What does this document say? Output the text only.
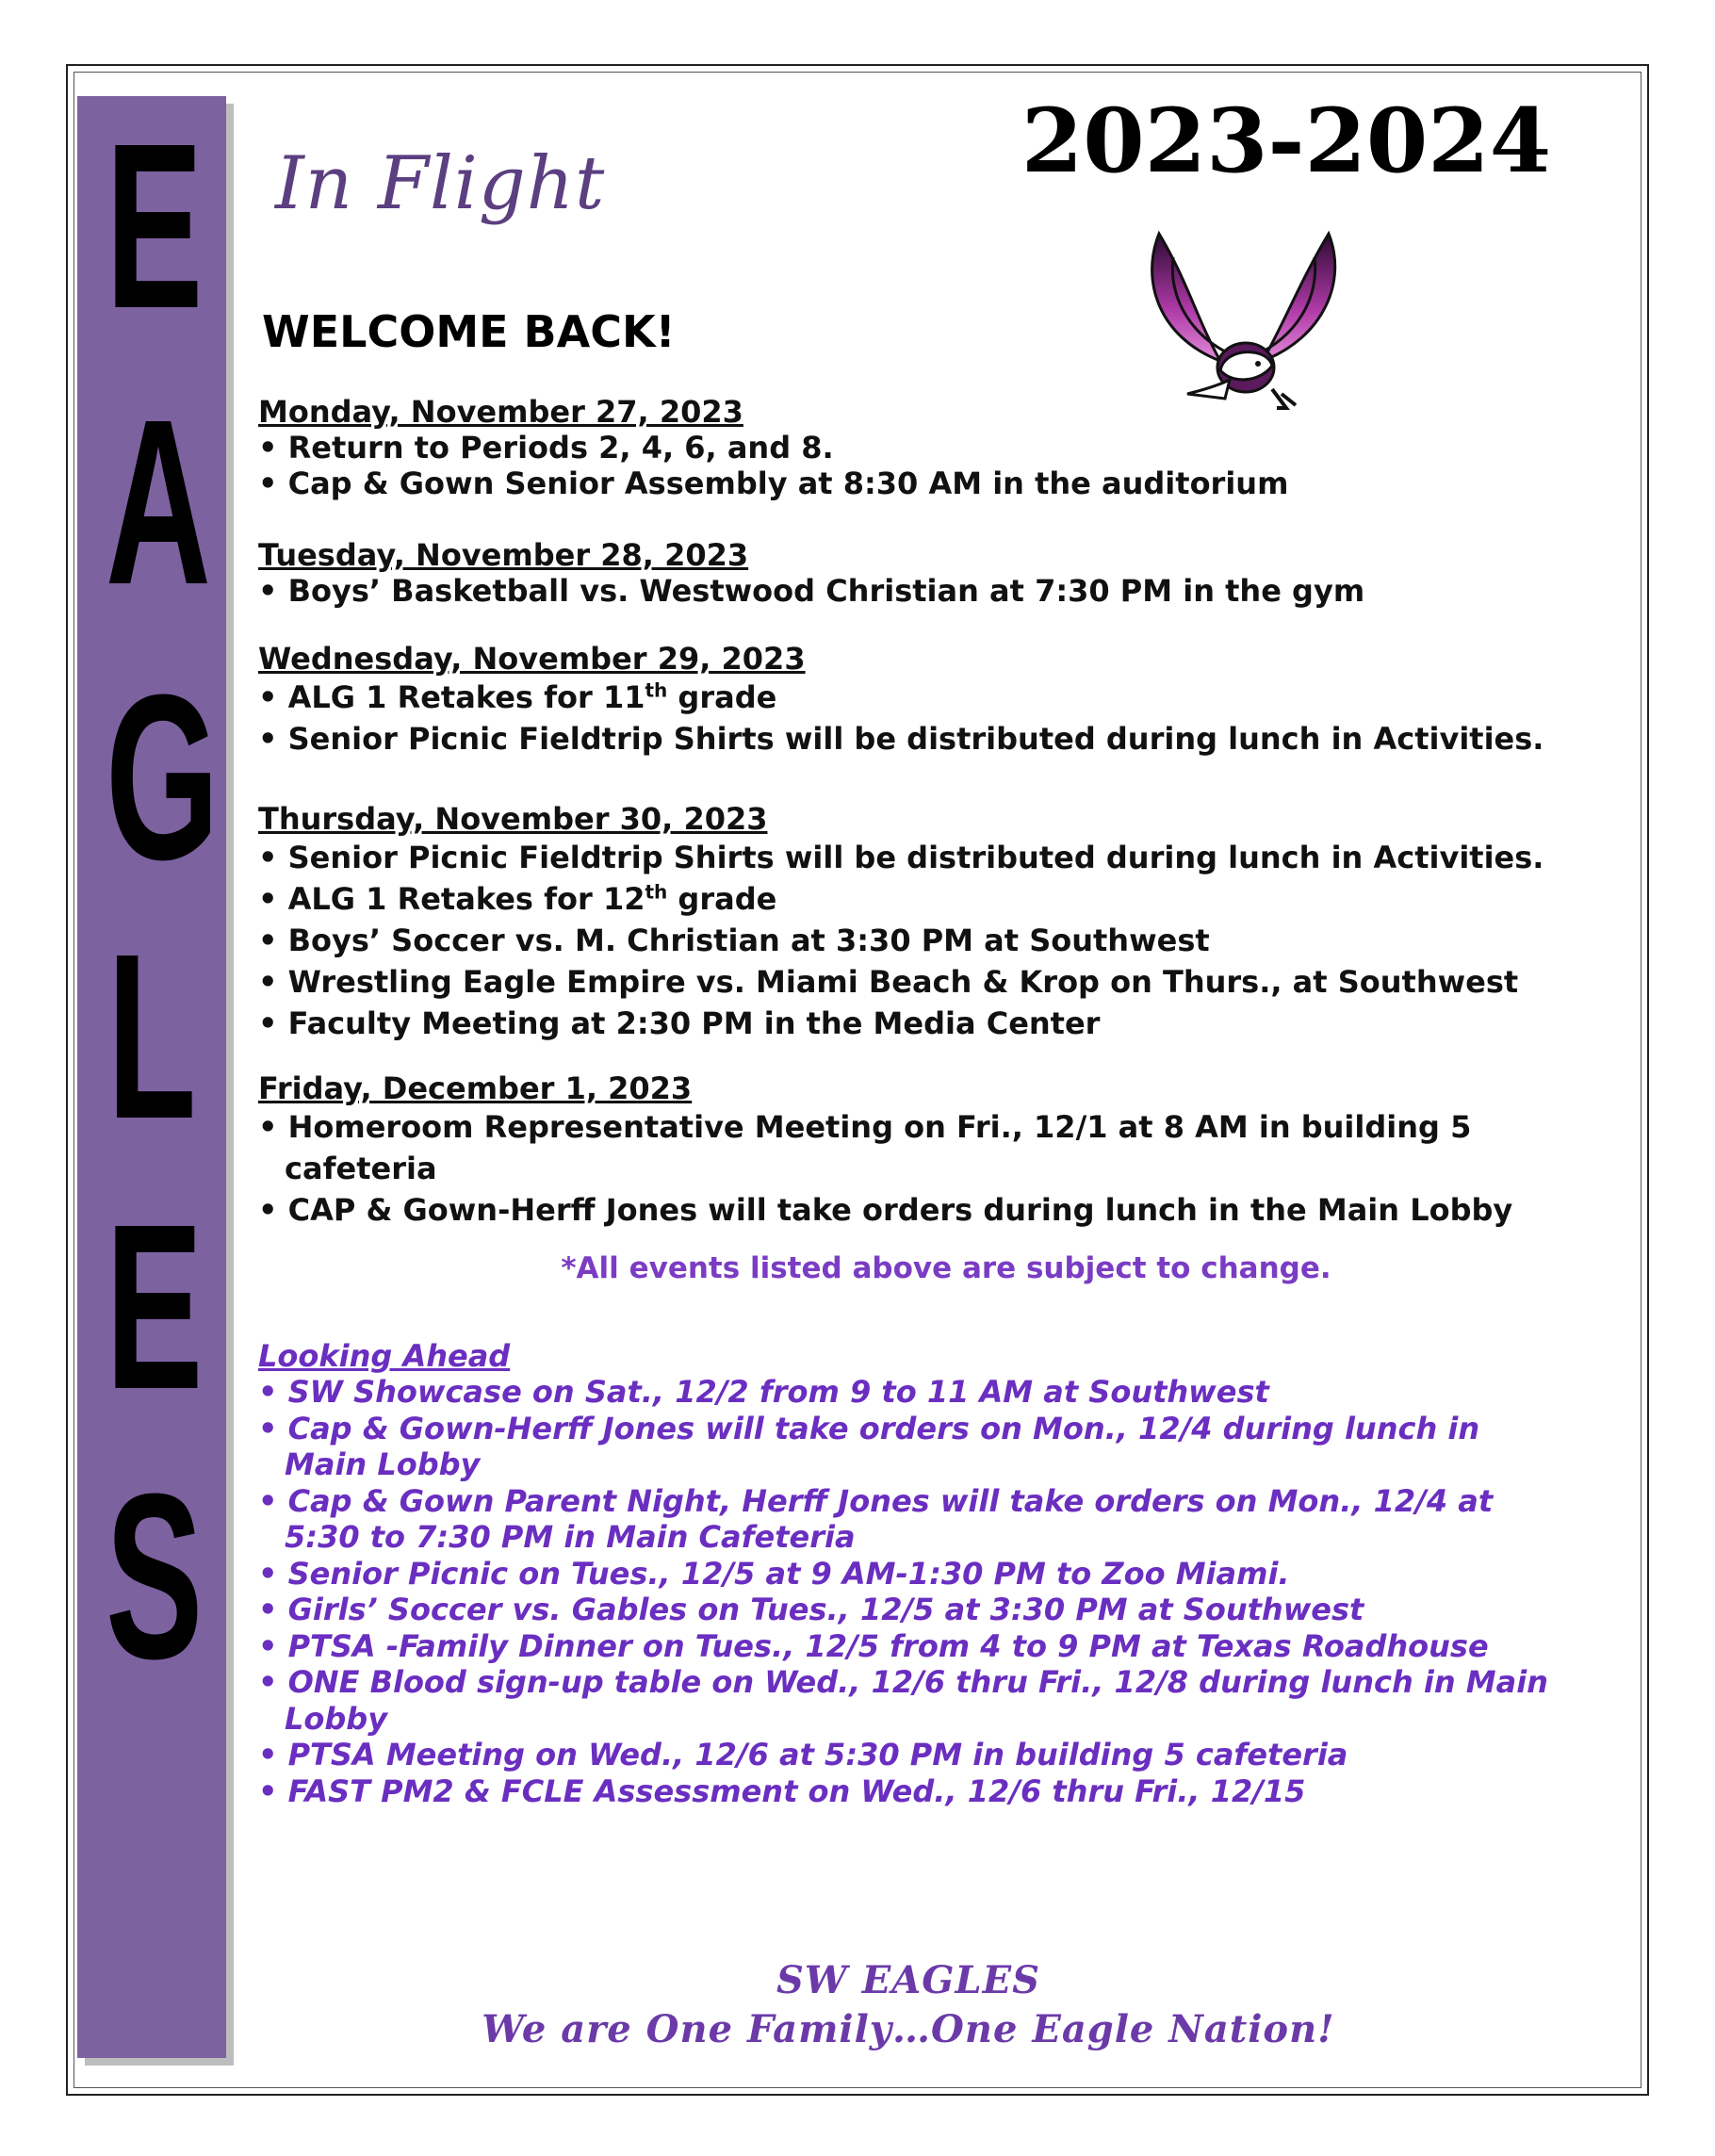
E
A
G
L
E
S
2023-2024
In Flight
WELCOME BACK!
Monday, November 27, 2023
• Return to Periods 2, 4, 6, and 8.
• Cap & Gown Senior Assembly at 8:30 AM in the auditorium
Tuesday, November 28, 2023
• Boys’ Basketball vs. Westwood Christian at 7:30 PM in the gym
Wednesday, November 29, 2023
• ALG 1 Retakes for 11th grade
• Senior Picnic Fieldtrip Shirts will be distributed during lunch in Activities.
Thursday, November 30, 2023
• Senior Picnic Fieldtrip Shirts will be distributed during lunch in Activities.
• ALG 1 Retakes for 12th grade
• Boys’ Soccer vs. M. Christian at 3:30 PM at Southwest
• Wrestling Eagle Empire vs. Miami Beach & Krop on Thurs., at Southwest
• Faculty Meeting at 2:30 PM in the Media Center
Friday, December 1, 2023
• Homeroom Representative Meeting on Fri., 12/1 at 8 AM in building 5 cafeteria
• CAP & Gown-Herff Jones will take orders during lunch in the Main Lobby
*All events listed above are subject to change.
Looking Ahead
• SW Showcase on Sat., 12/2 from 9 to 11 AM at Southwest
• Cap & Gown-Herff Jones will take orders on Mon., 12/4 during lunch in Main Lobby
• Cap & Gown Parent Night, Herff Jones will take orders on Mon., 12/4 at 5:30 to 7:30 PM in Main Cafeteria
• Senior Picnic on Tues., 12/5 at 9 AM-1:30 PM to Zoo Miami.
• Girls’ Soccer vs. Gables on Tues., 12/5 at 3:30 PM at Southwest
• PTSA -Family Dinner on Tues., 12/5 from 4 to 9 PM at Texas Roadhouse
• ONE Blood sign-up table on Wed., 12/6 thru Fri., 12/8 during lunch in Main Lobby
• PTSA Meeting on Wed., 12/6 at 5:30 PM in building 5 cafeteria
• FAST PM2 & FCLE Assessment on Wed., 12/6 thru Fri., 12/15
SW EAGLES
We are One Family…One Eagle Nation!
